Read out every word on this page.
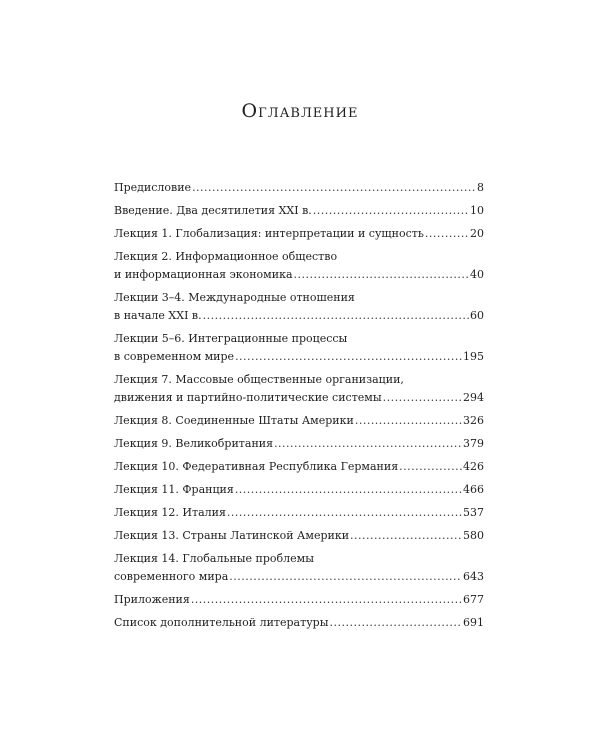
Оглавление
Предисловие .....	8
Введение. Два десятилетия XXI в. .....	10
Лекция 1. Глобализация: интерпретации и сущность .....	20
Лекция 2. Информационное общество
и информационная экономика .....	40
Лекции 3–4. Международные отношения
в начале XXI в. .....	60
Лекции 5–6. Интеграционные процессы
в современном мире .....	195
Лекция 7. Массовые общественные организации,
движения и партийно-политические системы .....	294
Лекция 8. Соединенные Штаты Америки .....	326
Лекция 9. Великобритания .....	379
Лекция 10. Федеративная Республика Германия .....	426
Лекция 11. Франция .....	466
Лекция 12. Италия .....	537
Лекция 13. Страны Латинской Америки .....	580
Лекция 14. Глобальные проблемы
современного мира .....	643
Приложения .....	677
Список дополнительной литературы .....	691
